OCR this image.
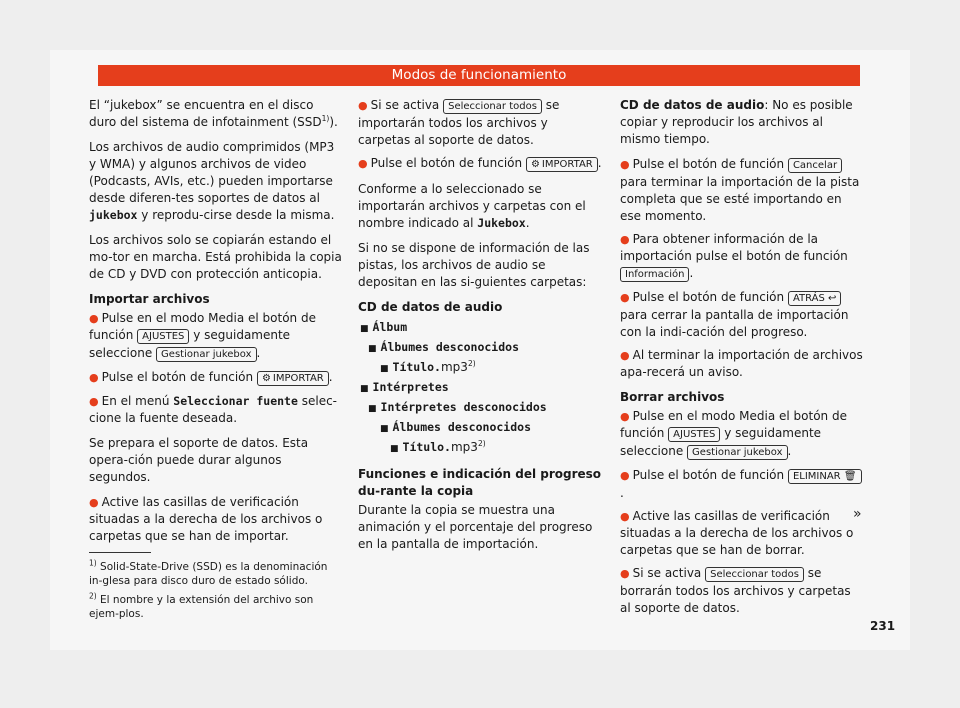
Modos de funcionamiento

El “jukebox” se encuentra en el disco duro del sistema de infotainment (SSD$^{1)}$).

Los archivos de audio comprimidos (MP3 y WMA) y algunos archivos de video (Podcasts, AVIs, etc.) pueden importarse desde diferen-tes soportes de datos al jukebox y reprodu-cirse desde la misma.

Los archivos solo se copiarán estando el mo-tor en marcha. Está prohibida la copia de CD y DVD con protección anticopia.

Importar archivos
● Pulse en el modo Media el botón de función AJUSTES y seguidamente seleccione Gestionar jukebox .
● Pulse el botón de función ⚙ IMPORTAR .
● En el menú Seleccionar fuente selec-cione la fuente deseada.

Se prepara el soporte de datos. Esta opera-ción puede durar algunos segundos.

● Active las casillas de verificación situadas a la derecha de los archivos o carpetas que se han de importar.
● Si se activa Seleccionar todos se importarán todos los archivos y carpetas al soporte de datos.
● Pulse el botón de función ⚙ IMPORTAR .

Conforme a lo seleccionado se importarán archivos y carpetas con el nombre indicado al Jukebox.

Si no se dispone de información de las pistas, los archivos de audio se depositan en las si-guientes carpetas:

CD de datos de audio
■ Álbum
■ Álbumes desconocidos
■ Título.mp3$^{2)}$
■ Intérpretes
■ Intérpretes desconocidos
■ Álbumes desconocidos
■ Título.mp3$^{2)}$
Funciones e indicación del progreso du-rante la copia

Durante la copia se muestra una animación y el porcentaje del progreso en la pantalla de importación.

CD de datos de audio: No es posible copiar y reproducir los archivos al mismo tiempo.

● Pulse el botón de función Cancelar para terminar la importación de la pista completa que se esté importando en ese momento.
● Para obtener información de la importación pulse el botón de función Información .
● Pulse el botón de función ATRÁS ↩ para cerrar la pantalla de importación con la indi-cación del progreso.
● Al terminar la importación de archivos apa-recerá un aviso.
Borrar archivos
● Pulse en el modo Media el botón de función AJUSTES y seguidamente seleccione Gestionar jukebox .
● Pulse el botón de función ELIMINAR 🗑.
● Active las casillas de verificación situadas a la derecha de los archivos o carpetas que se han de borrar.
● Si se activa Seleccionar todos se borrarán todos los archivos y carpetas al soporte de datos.
»
$^{1)}$ Solid-State-Drive (SSD) es la denominación in-glesa para disco duro de estado sólido.
$^{2)}$ El nombre y la extensión del archivo son ejem-plos.
231
